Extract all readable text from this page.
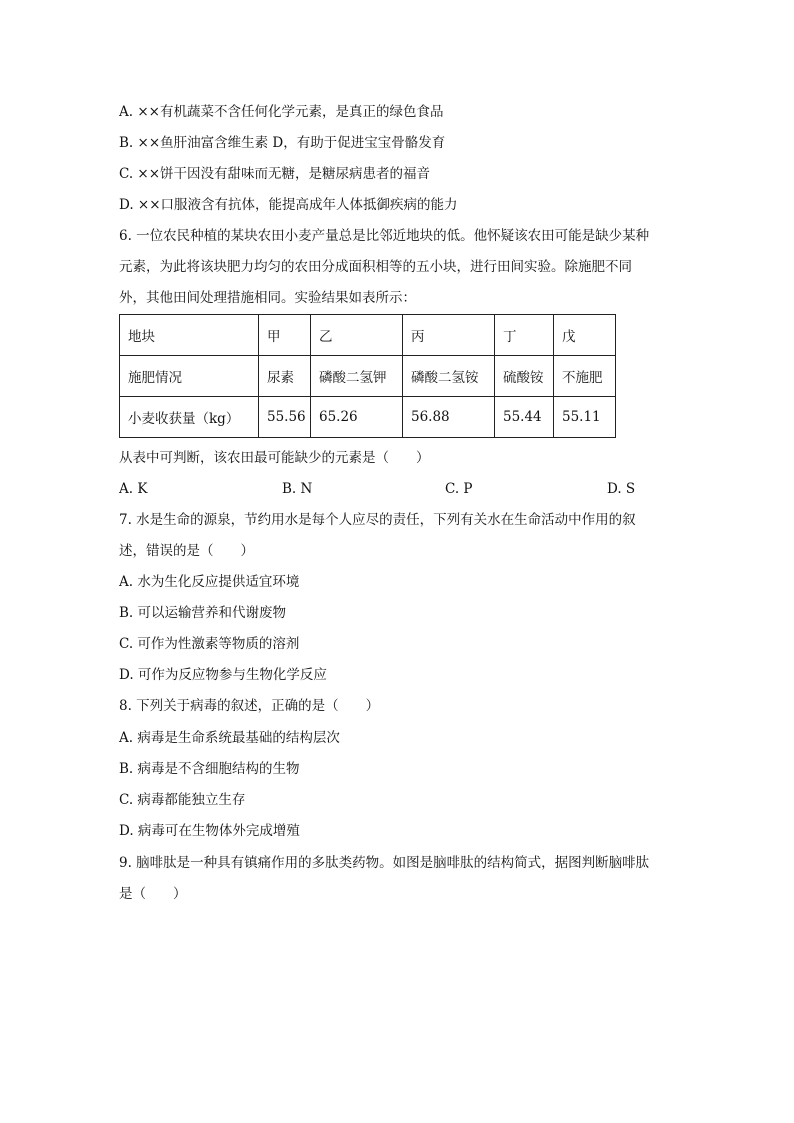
A. ××有机蔬菜不含任何化学元素，是真正的绿色食品
B. ××鱼肝油富含维生素 D，有助于促进宝宝骨骼发育
C. ××饼干因没有甜味而无糖，是糖尿病患者的福音
D. ××口服液含有抗体，能提高成年人体抵御疾病的能力
6. 一位农民种植的某块农田小麦产量总是比邻近地块的低。他怀疑该农田可能是缺少某种
元素，为此将该块肥力均匀的农田分成面积相等的五小块，进行田间实验。除施肥不同
外，其他田间处理措施相同。实验结果如表所示：
地块	甲	乙	丙	丁	戊
施肥情况	尿素	磷酸二氢钾	磷酸二氢铵	硫酸铵	不施肥
小麦收获量（kg）	55.56	65.26	56.88	55.44	55.11
从表中可判断，该农田最可能缺少的元素是（　　）
A. K	B. N	C. P	D. S
7. 水是生命的源泉，节约用水是每个人应尽的责任，下列有关水在生命活动中作用的叙
述，错误的是（　　）
A. 水为生化反应提供适宜环境
B. 可以运输营养和代谢废物
C. 可作为性激素等物质的溶剂
D. 可作为反应物参与生物化学反应
8. 下列关于病毒的叙述，正确的是（　　）
A. 病毒是生命系统最基础的结构层次
B. 病毒是不含细胞结构的生物
C. 病毒都能独立生存
D. 病毒可在生物体外完成增殖
9. 脑啡肽是一种具有镇痛作用的多肽类药物。如图是脑啡肽的结构简式，据图判断脑啡肽
是（　　）
